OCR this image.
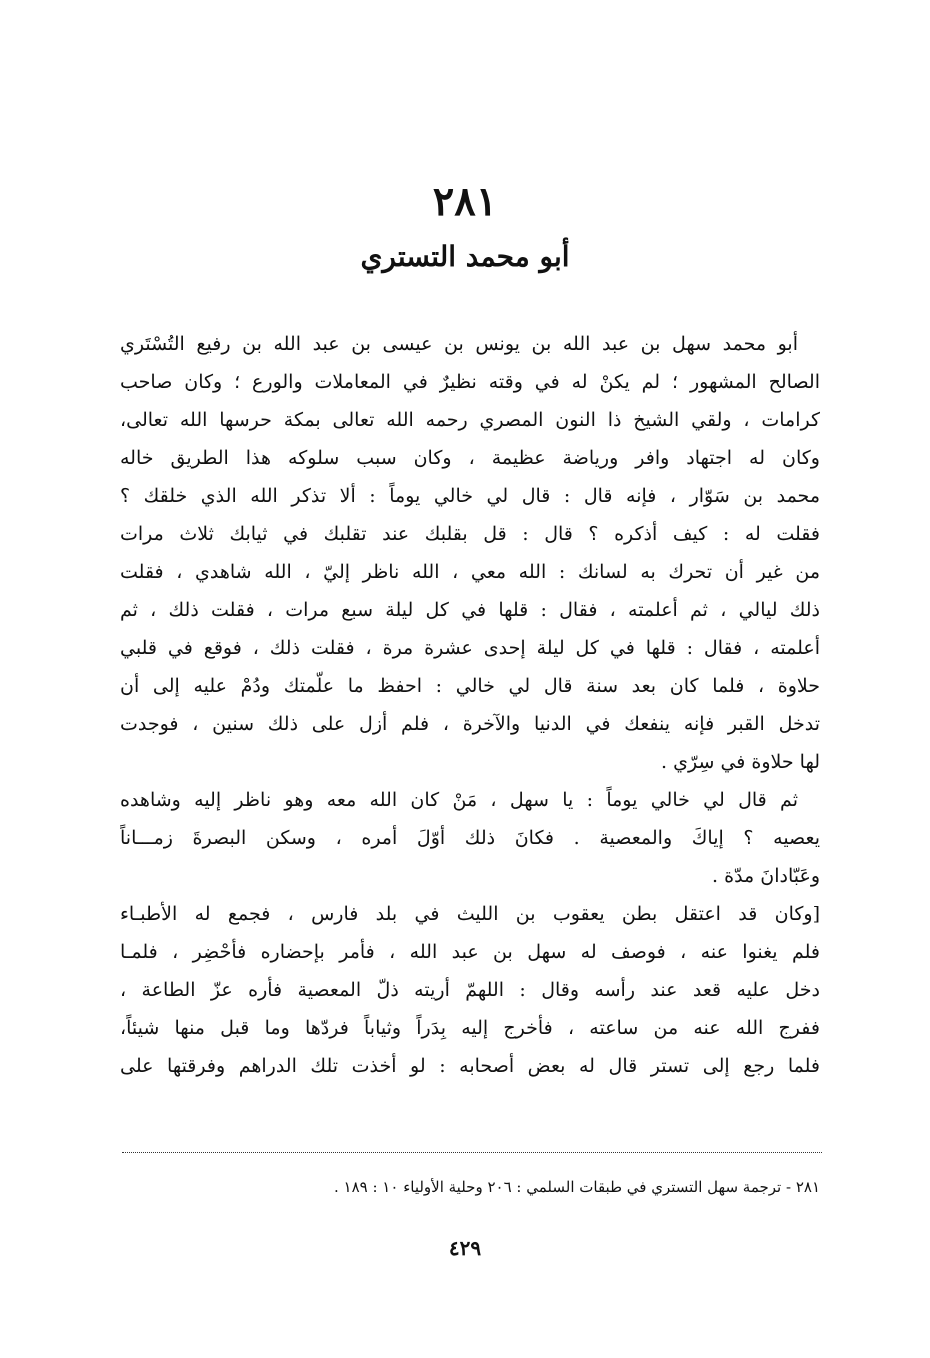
٢٨١
أبو محمد التستري
أبو محمد سهل بن عبد الله بن يونس بن عيسى بن عبد الله بن رفيع التُسْتَري
الصالح المشهور ؛ لم يكنْ له في وقته نظيرٌ في المعاملات والورع ؛ وكان صاحب
كرامات ، ولقي الشيخ ذا النون المصري رحمه الله تعالى بمكة حرسها الله تعالى،
وكان له اجتهاد وافر ورياضة عظيمة ، وكان سبب سلوكه هذا الطريق خاله
محمد بن سَوّار ، فإنه قال : قال لي خالي يوماً : ألا تذكر الله الذي خلقك ؟
فقلت له : كيف أذكره ؟ قال : قل بقلبك عند تقلبك في ثيابك ثلاث مرات
من غير أن تحرك به لسانك : الله معي ، الله ناظر إليّ ، الله شاهدي ، فقلت
ذلك ليالي ، ثم أعلمته ، فقال : قلها في كل ليلة سبع مرات ، فقلت ذلك ، ثم
أعلمته ، فقال : قلها في كل ليلة إحدى عشرة مرة ، فقلت ذلك ، فوقع في قلبي
حلاوة ، فلما كان بعد سنة قال لي خالي : احفظ ما علّمتك ودُمْ عليه إلى أن
تدخل القبر فإنه ينفعك في الدنيا والآخرة ، فلم أزل على ذلك سنين ، فوجدت
لها حلاوة في سِرّي .
ثم قال لي خالي يوماً : يا سهل ، مَنْ كان الله معه وهو ناظر إليه وشاهده
يعصيه ؟ إياكَ والمعصية . فكانَ ذلك أوّلَ أمره ، وسكن البصرةَ زمـــاناً
وعَبّادانَ مدّة .
[وكان قد اعتقل بطن يعقوب بن الليث في بلد فارس ، فجمع له الأطبـاء
فلم يغنوا عنه ، فوصف له سهل بن عبد الله ، فأمر بإحضاره فأحْضِر ، فلمـا
دخل عليه قعد عند رأسه وقال : اللهمّ أريته ذلّ المعصية فأره عزّ الطاعة ،
ففرج الله عنه من ساعته ، فأخرج إليه بِدَراً وثياباً فردّها وما قبل منها شيئاً،
فلما رجع إلى تستر قال له بعض أصحابه : لو أخذت تلك الدراهم وفرقتها على
٢٨١ - ترجمة سهل التستري في طبقات السلمي : ٢٠٦ وحلية الأولياء ١٠ : ١٨٩ .
٤٢٩
